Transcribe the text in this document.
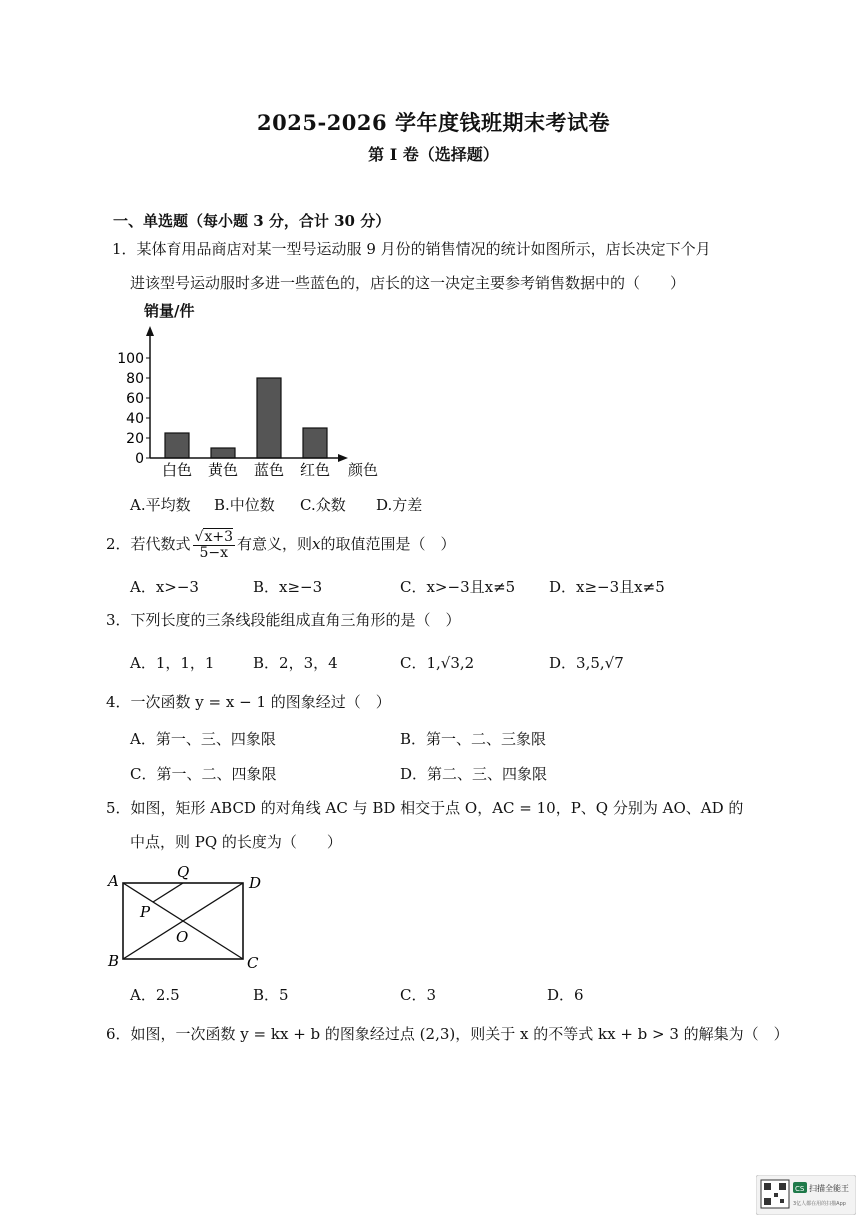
2025-2026 学年度钱班期末考试卷
第 I 卷（选择题）
一、单选题（每小题 3 分，合计 30 分）
1．某体育用品商店对某一型号运动服 9 月份的销售情况的统计如图所示，店长决定下个月
进该型号运动服时多进一些蓝色的，店长的这一决定主要参考销售数据中的（　　）
销量/件
0
20
40
60
80
100
白色 黄色 蓝色 红色 颜色
A.平均数 B.中位数 C.众数 D.方差
2．若代数式 $\frac{√x+3}{5-x}$ 有意义，则x的取值范围是（　）
A．x>−3	B．x≥−3	C．x>−3且x≠5 D．x≥−3且x≠5
3．下列长度的三条线段能组成直角三角形的是（　）
A．1，1，1	B．2，3，4	C．1,√3,2	D．3,5,√7
4．一次函数 y = x − 1 的图象经过（　）
A．第一、三、四象限	B．第一、二、三象限
C．第一、二、四象限	D．第二、三、四象限
5．如图，矩形 ABCD 的对角线 AC 与 BD 相交于点 O，AC = 10，P、Q 分别为 AO、AD 的
中点，则 PQ 的长度为（　　）
A	D
B	C
Q
P
O
A．2.5	B．5	C．3	D．6
6．如图，一次函数 y = kx + b 的图象经过点 (2,3)，则关于 x 的不等式 kx + b > 3 的解集为（　）
CS 扫描全能王
3亿人都在用的扫描App
